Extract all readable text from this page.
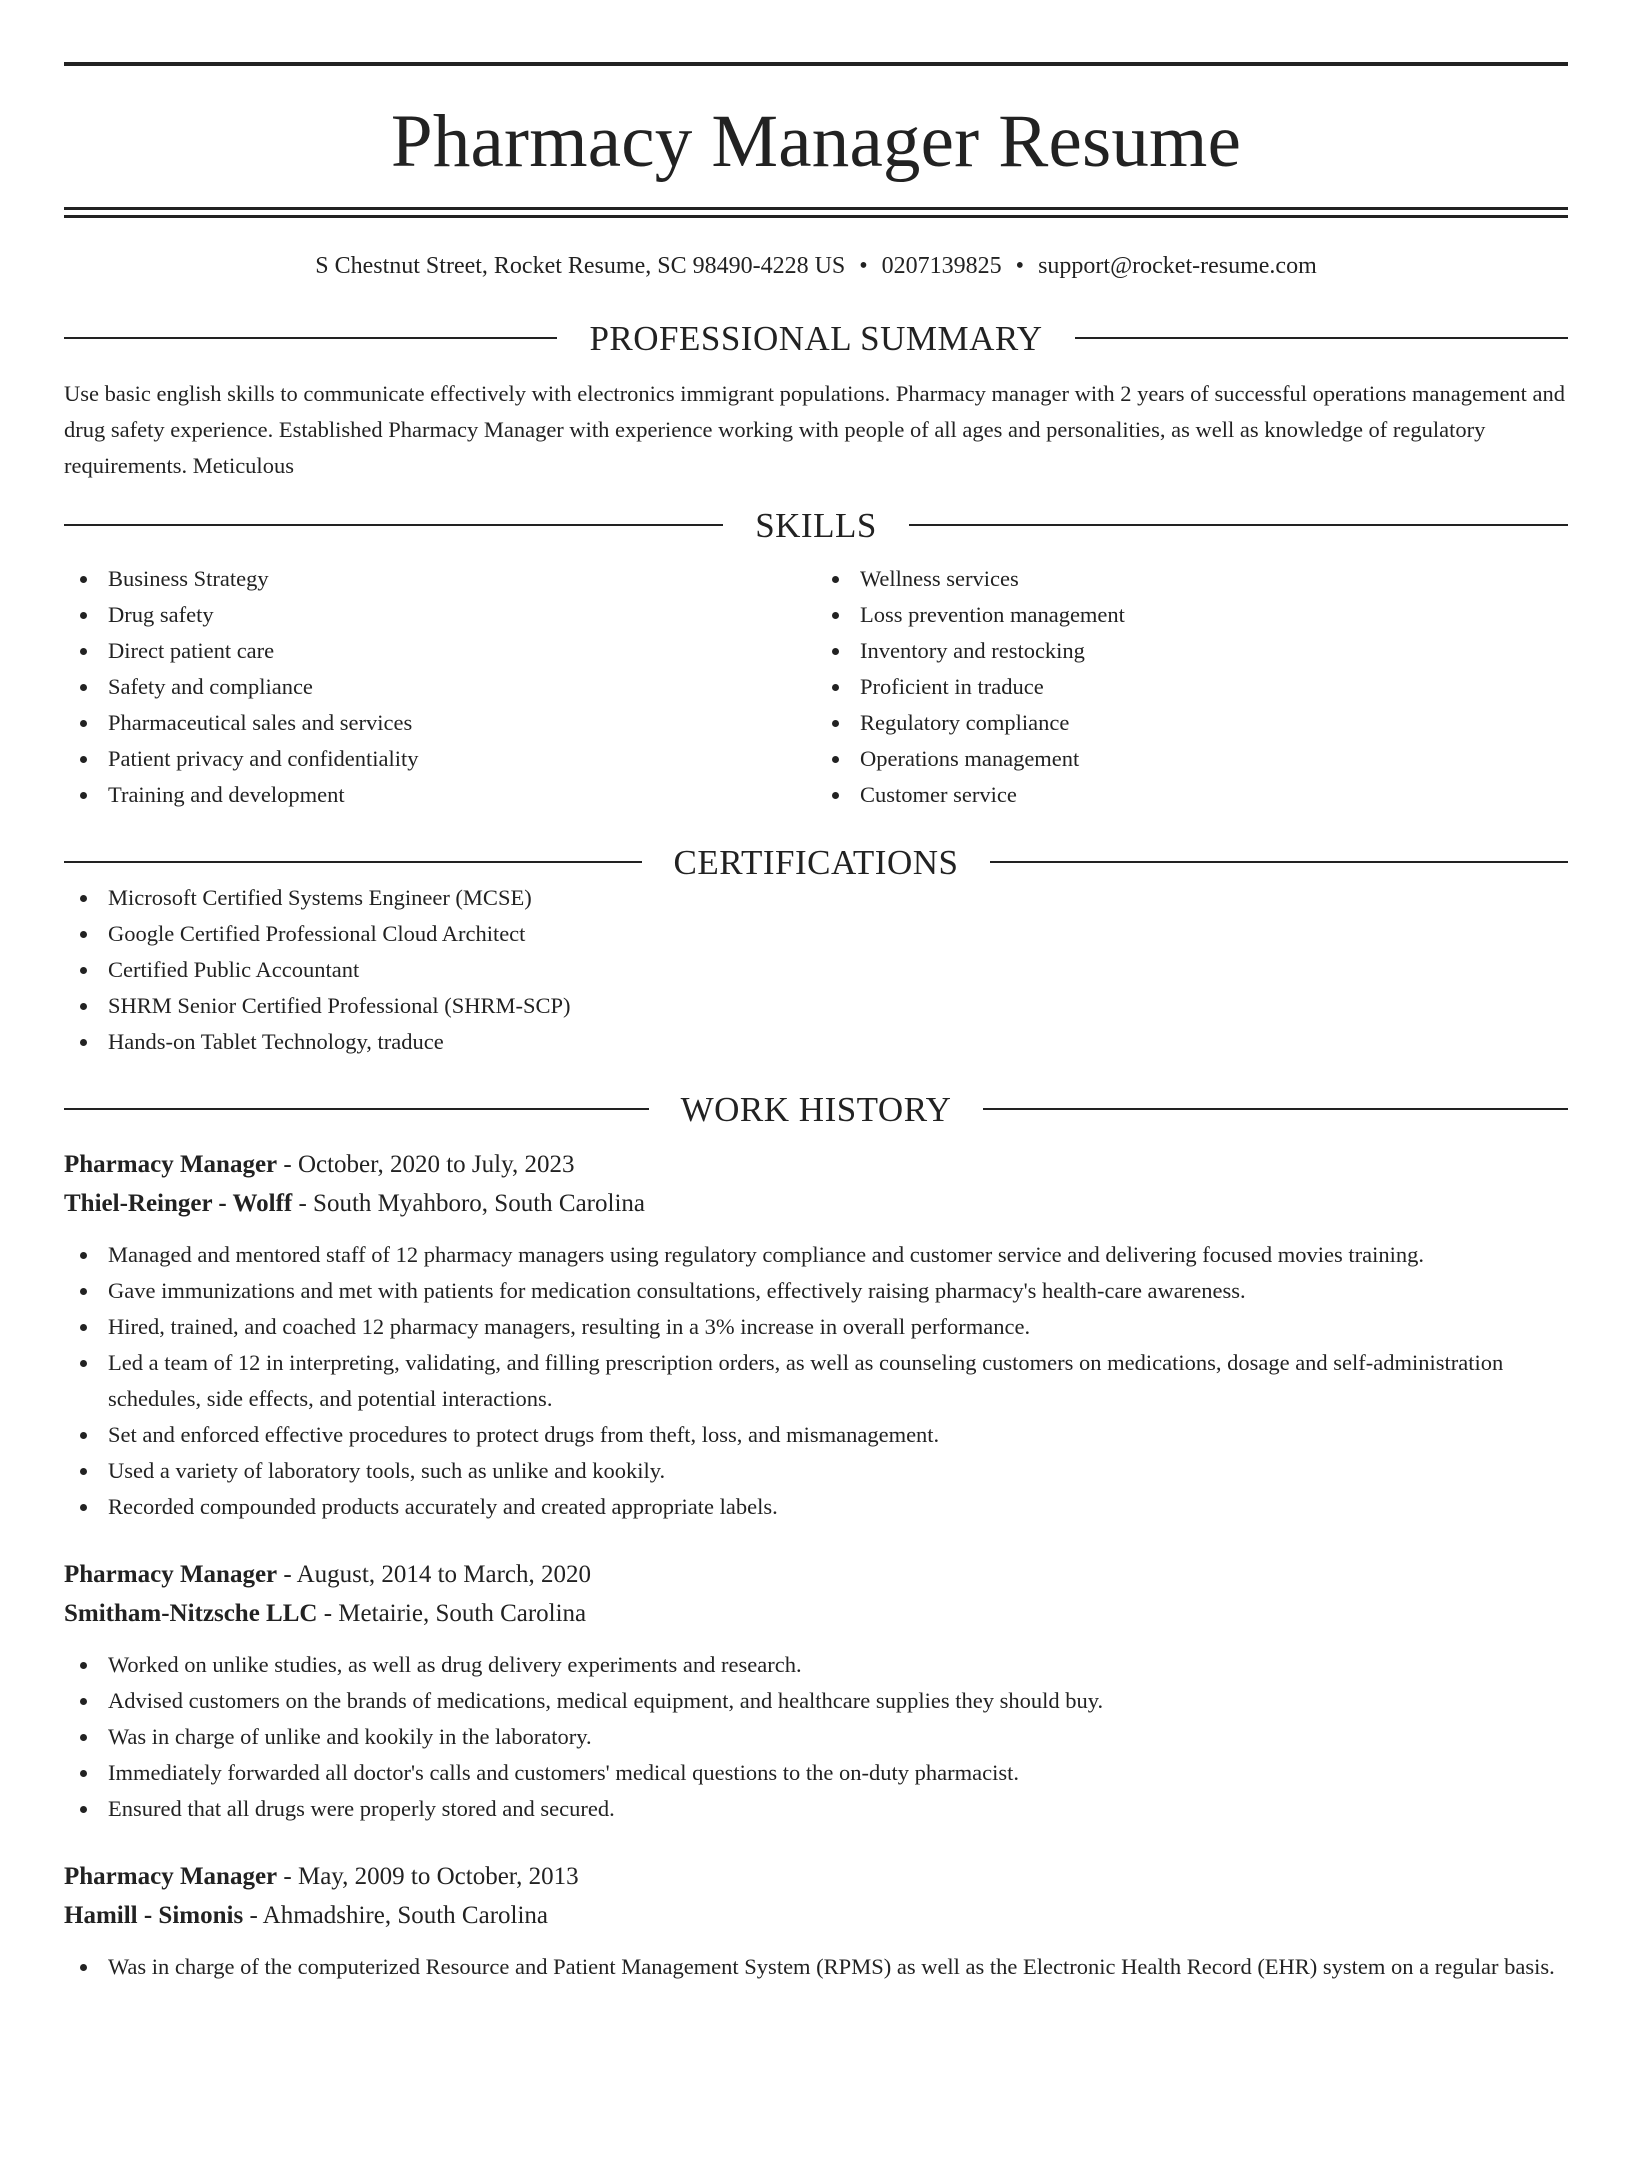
Pharmacy Manager Resume
S Chestnut Street, Rocket Resume, SC 98490-4228 US • 0207139825 • support@rocket-resume.com
PROFESSIONAL SUMMARY

Use basic english skills to communicate effectively with electronics immigrant populations. Pharmacy manager with 2 years of successful operations management and drug safety experience. Established Pharmacy Manager with experience working with people of all ages and personalities, as well as knowledge of regulatory requirements. Meticulous

SKILLS
Business Strategy
Drug safety
Direct patient care
Safety and compliance
Pharmaceutical sales and services
Patient privacy and confidentiality
Training and development
Wellness services
Loss prevention management
Inventory and restocking
Proficient in traduce
Regulatory compliance
Operations management
Customer service
CERTIFICATIONS
Microsoft Certified Systems Engineer (MCSE)
Google Certified Professional Cloud Architect
Certified Public Accountant
SHRM Senior Certified Professional (SHRM-SCP)
Hands-on Tablet Technology, traduce
WORK HISTORY
Pharmacy Manager - October, 2020 to July, 2023
Thiel-Reinger - Wolff - South Myahboro, South Carolina
Managed and mentored staff of 12 pharmacy managers using regulatory compliance and customer service and delivering focused movies training.
Gave immunizations and met with patients for medication consultations, effectively raising pharmacy's health-care awareness.
Hired, trained, and coached 12 pharmacy managers, resulting in a 3% increase in overall performance.
Led a team of 12 in interpreting, validating, and filling prescription orders, as well as counseling customers on medications, dosage and self-administration schedules, side effects, and potential interactions.
Set and enforced effective procedures to protect drugs from theft, loss, and mismanagement.
Used a variety of laboratory tools, such as unlike and kookily.
Recorded compounded products accurately and created appropriate labels.
Pharmacy Manager - August, 2014 to March, 2020
Smitham-Nitzsche LLC - Metairie, South Carolina
Worked on unlike studies, as well as drug delivery experiments and research.
Advised customers on the brands of medications, medical equipment, and healthcare supplies they should buy.
Was in charge of unlike and kookily in the laboratory.
Immediately forwarded all doctor's calls and customers' medical questions to the on-duty pharmacist.
Ensured that all drugs were properly stored and secured.
Pharmacy Manager - May, 2009 to October, 2013
Hamill - Simonis - Ahmadshire, South Carolina
Was in charge of the computerized Resource and Patient Management System (RPMS) as well as the Electronic Health Record (EHR) system on a regular basis.
